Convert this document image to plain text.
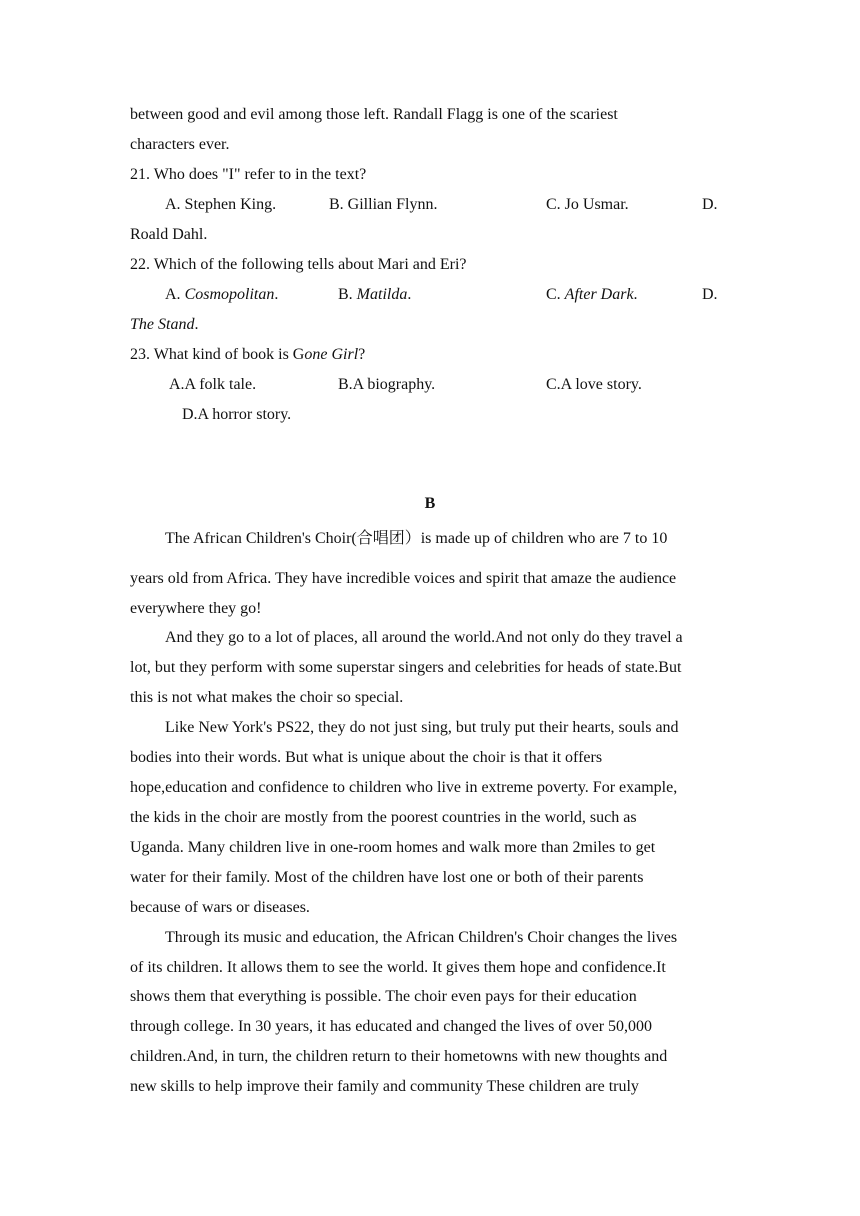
between good and evil among those left. Randall Flagg is one of the scariest
characters ever.
21. Who does "I" refer to in the text?
A. Stephen King.	B. Gillian Flynn.	C. Jo Usmar.	D.
Roald Dahl.
22. Which of the following tells about Mari and Eri?
A. Cosmopolitan.	B. Matilda.	C. After Dark.	D.
The Stand.
23. What kind of book is Gone Girl?
A.A folk tale.	B.A biography.	C.A love story.
D.A horror story.
B
The African Children's Choir(合唱团）is made up of children who are 7 to 10
years old from Africa. They have incredible voices and spirit that amaze the audience
everywhere they go!
And they go to a lot of places, all around the world.And not only do they travel a
lot, but they perform with some superstar singers and celebrities for heads of state.But
this is not what makes the choir so special.
Like New York's PS22, they do not just sing, but truly put their hearts, souls and
bodies into their words. But what is unique about the choir is that it offers
hope,education and confidence to children who live in extreme poverty. For example,
the kids in the choir are mostly from the poorest countries in the world, such as
Uganda. Many children live in one-room homes and walk more than 2miles to get
water for their family. Most of the children have lost one or both of their parents
because of wars or diseases.
Through its music and education, the African Children's Choir changes the lives
of its children. It allows them to see the world. It gives them hope and confidence.It
shows them that everything is possible. The choir even pays for their education
through college. In 30 years, it has educated and changed the lives of over 50,000
children.And, in turn, the children return to their hometowns with new thoughts and
new skills to help improve their family and community These children are truly
